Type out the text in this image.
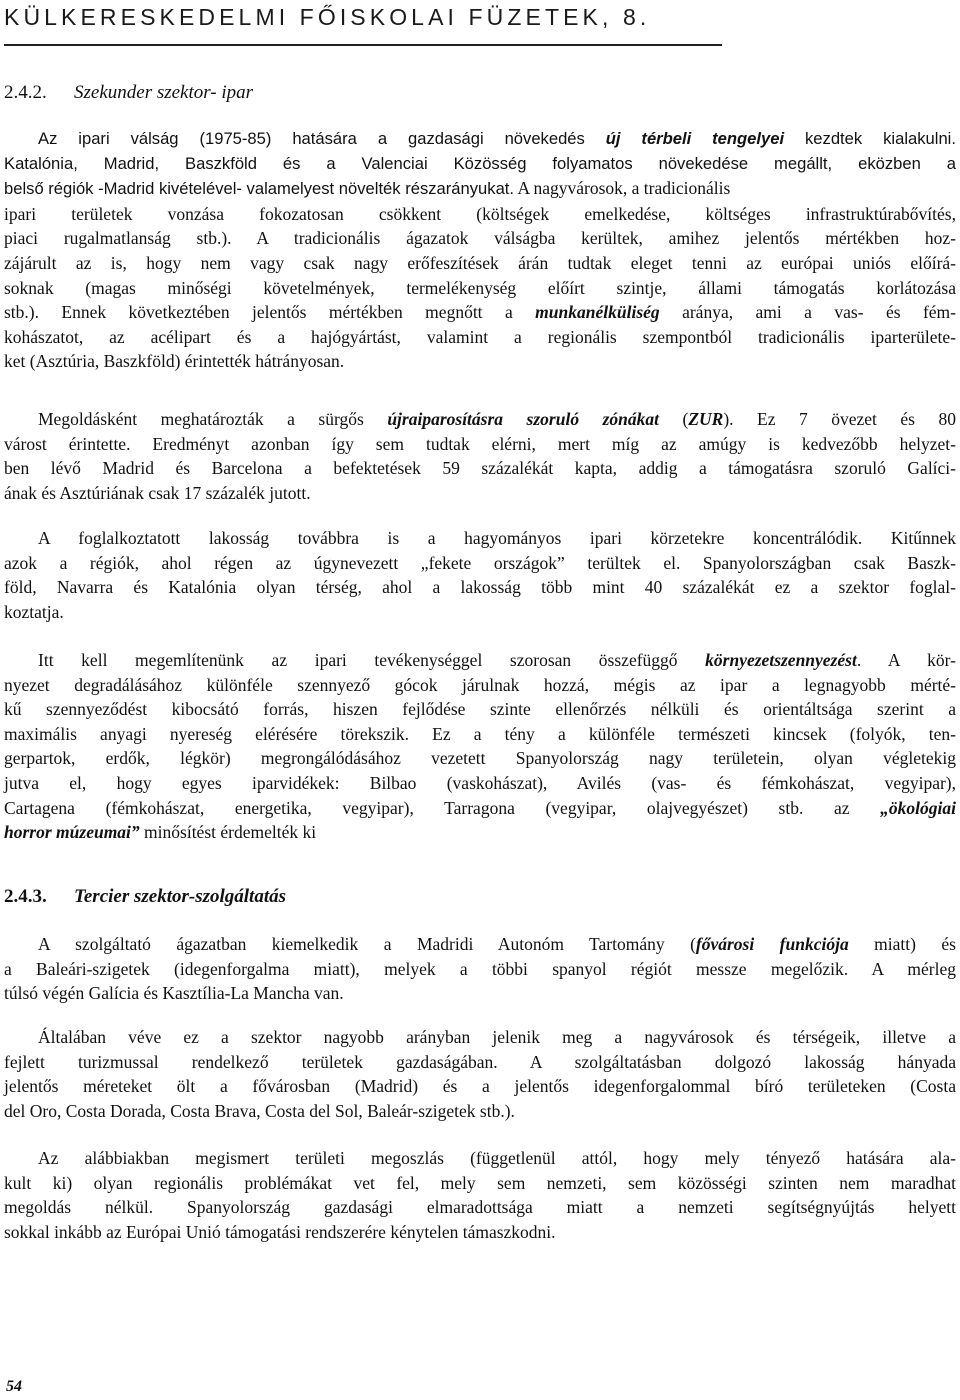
KÜLKERESKEDELMI FŐISKOLAI FÜZETEK, 8.
2.4.2. Szekunder szektor- ipar
Az ipari válság (1975-85) hatására a gazdasági növekedés új térbeli tengelyei kezdtek kialakulni.
Katalónia, Madrid, Baszkföld és a Valenciai Közösség folyamatos növekedése megállt, eközben a
belső régiók -Madrid kivételével- valamelyest növelték részarányukat. A nagyvárosok, a tradicionális
ipari területek vonzása fokozatosan csökkent (költségek emelkedése, költséges infrastruktúrabővítés,
piaci rugalmatlanság stb.). A tradicionális ágazatok válságba kerültek, amihez jelentős mértékben hoz-
zájárult az is, hogy nem vagy csak nagy erőfeszítések árán tudtak eleget tenni az európai uniós előírá-
soknak (magas minőségi követelmények, termelékenység előírt szintje, állami támogatás korlátozása
stb.). Ennek következtében jelentős mértékben megnőtt a munkanélküliség aránya, ami a vas- és fém-
kohászatot, az acélipart és a hajógyártást, valamint a regionális szempontból tradicionális iparterülete-
ket (Asztúria, Baszkföld) érintették hátrányosan.
Megoldásként meghatározták a sürgős újraiparosításra szoruló zónákat (ZUR). Ez 7 övezet és 80
várost érintette. Eredményt azonban így sem tudtak elérni, mert míg az amúgy is kedvezőbb helyzet-
ben lévő Madrid és Barcelona a befektetések 59 százalékát kapta, addig a támogatásra szoruló Galíci-
ának és Asztúriának csak 17 százalék jutott.
A foglalkoztatott lakosság továbbra is a hagyományos ipari körzetekre koncentrálódik. Kitűnnek
azok a régiók, ahol régen az úgynevezett „fekete országok” terültek el. Spanyolországban csak Baszk-
föld, Navarra és Katalónia olyan térség, ahol a lakosság több mint 40 százalékát ez a szektor foglal-
koztatja.
Itt kell megemlítenünk az ipari tevékenységgel szorosan összefüggő környezetszennyezést. A kör-
nyezet degradálásához különféle szennyező gócok járulnak hozzá, mégis az ipar a legnagyobb mérté-
kű szennyeződést kibocsátó forrás, hiszen fejlődése szinte ellenőrzés nélküli és orientáltsága szerint a
maximális anyagi nyereség elérésére törekszik. Ez a tény a különféle természeti kincsek (folyók, ten-
gerpartok, erdők, légkör) megrongálódásához vezetett Spanyolország nagy területein, olyan végletekig
jutva el, hogy egyes iparvidékek: Bilbao (vaskohászat), Avilés (vas- és fémkohászat, vegyipar),
Cartagena (fémkohászat, energetika, vegyipar), Tarragona (vegyipar, olajvegyészet) stb. az „ökológiai
horror múzeumai” minősítést érdemelték ki
2.4.3. Tercier szektor-szolgáltatás
A szolgáltató ágazatban kiemelkedik a Madridi Autonóm Tartomány (fővárosi funkciója miatt) és
a Baleári-szigetek (idegenforgalma miatt), melyek a többi spanyol régiót messze megelőzik. A mérleg
túlsó végén Galícia és Kasztília-La Mancha van.
Általában véve ez a szektor nagyobb arányban jelenik meg a nagyvárosok és térségeik, illetve a
fejlett turizmussal rendelkező területek gazdaságában. A szolgáltatásban dolgozó lakosság hányada
jelentős méreteket ölt a fővárosban (Madrid) és a jelentős idegenforgalommal bíró területeken (Costa
del Oro, Costa Dorada, Costa Brava, Costa del Sol, Baleár-szigetek stb.).
Az alábbiakban megismert területi megoszlás (függetlenül attól, hogy mely tényező hatására ala-
kult ki) olyan regionális problémákat vet fel, mely sem nemzeti, sem közösségi szinten nem maradhat
megoldás nélkül. Spanyolország gazdasági elmaradottsága miatt a nemzeti segítségnyújtás helyett
sokkal inkább az Európai Unió támogatási rendszerére kénytelen támaszkodni.
54
